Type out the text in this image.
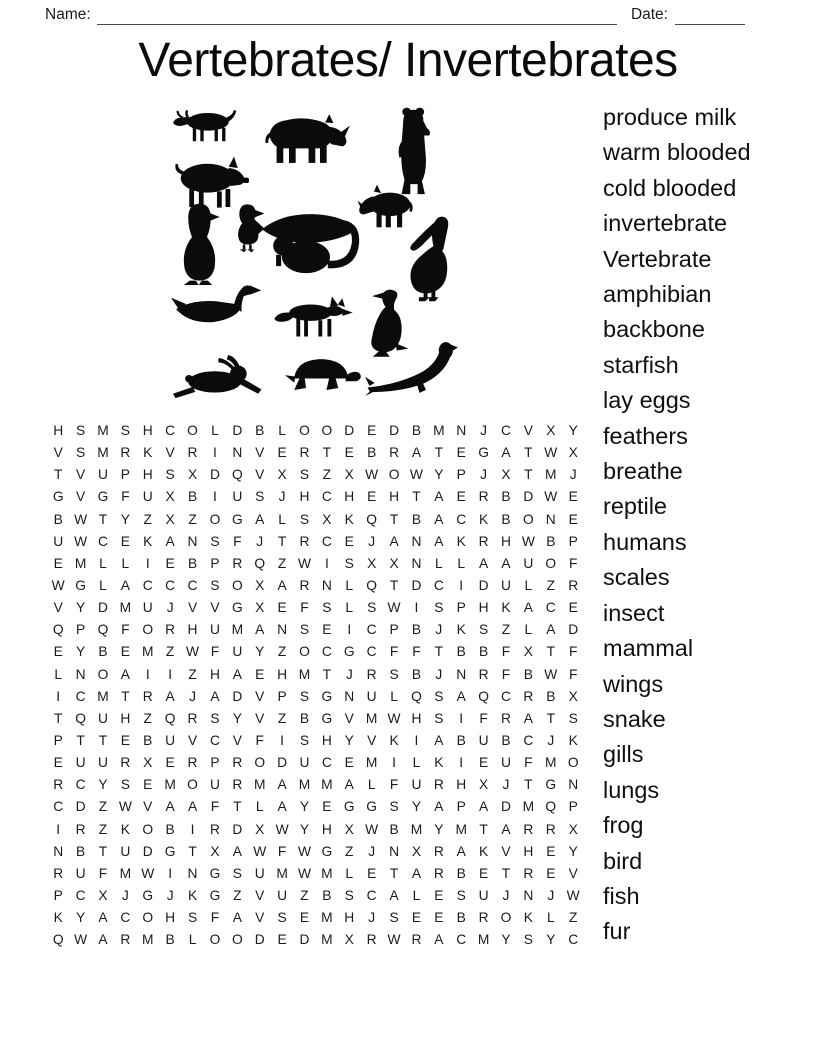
Name:	Date:
Vertebrates/ Invertebrates
H S M S H C O L D B	L O O D E D B M N	J	C V X Y
V S M R K V R	I	N V E R T E B R A T E G A T W X
T V U P H S X D Q V X S Z X W O W Y P	J	X T M J
G V G F U X B	I	U S	J	H C H E H T A E R B D W E
B W T Y Z X Z O G A	L	S X K Q T B A C K B O N E
U W C E K A N S F	J	T R C E	J	A N A K R H W B P
E M L	L	I	E B P R Q Z W	I	S X X N L	L	A A U O F
W G L	A C C C S O X A R N L Q T D C	I	D U L	Z R
V Y D M U	J	V V G X E F S	L	S W	I	S P H K A C E
Q P Q F O R H U M A N S E	I	C P B	J	K S Z	L	A D
E Y B E M Z W F U Y Z O C G C F	F	T B B F X T	F
L N O A	I	I	Z H A E H M T	J	R S B	J	N R F B W F
I	C M T R A	J	A D V P S G N U L Q S A Q C R B X
T Q U H Z Q R S Y V Z B G V M W H S	I	F R A T S
P T	T E B U V C V F	I	S H Y V K	I	A B U B C	J	K
E U U R X E R P R O D U C E M	I	L	K	I	E U F M O
R C Y S E M O U R M A M M A	L	F U R H X	J	T G N
C D Z W V A A F	T	L	A Y E G G S Y A P A D M Q P
I	R Z K O B	I	R D X W Y H X W B M Y M T A R R X
N B T U D G T X A W F W G Z	J	N X R A K V H E Y
R U F M W	I	N G S U M W M L	E T A R B E T R E V
P C X	J G J	K G Z V U Z B S C A	L	E S U	J	N	J W
K Y A C O H S F A V S E M H	J	S E E B R O K	L	Z
Q W A R M B	L O O D E D M X R W R A C M Y S Y C
produce milk
warm blooded
cold blooded
invertebrate
Vertebrate
amphibian
backbone
starfish
lay eggs
feathers
breathe
reptile
humans
scales
insect
mammal
wings
snake
gills
lungs
frog
bird
fish
fur
